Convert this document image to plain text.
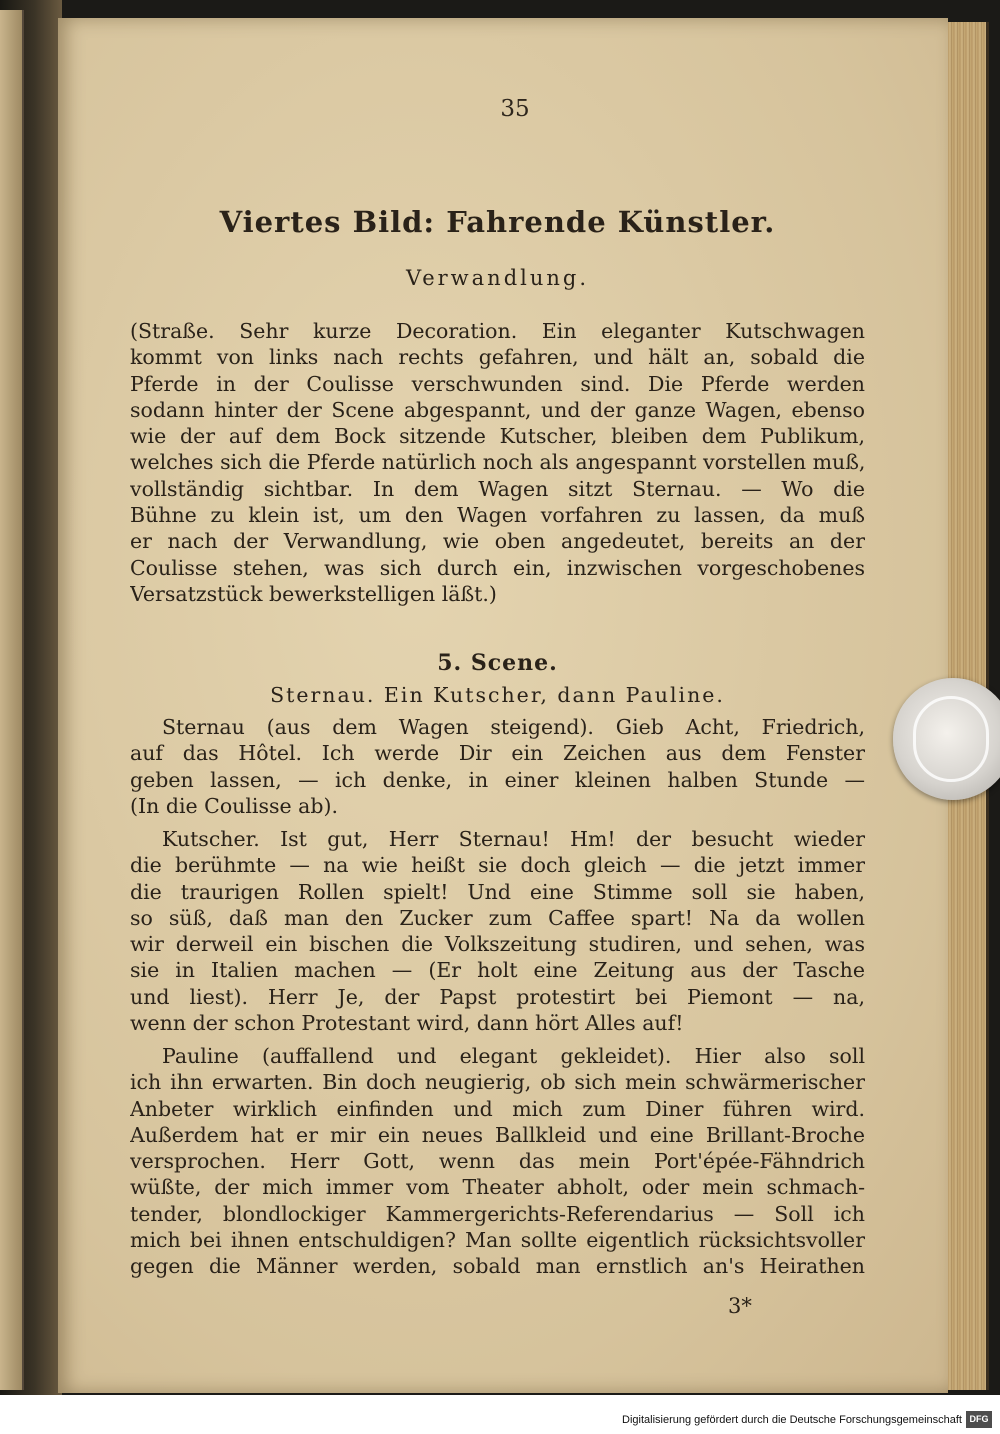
35
Viertes Bild: Fahrende Künstler.
Verwandlung.
(Straße. Sehr kurze Decoration. Ein eleganter Kutschwagen
kommt von links nach rechts gefahren, und hält an, sobald die
Pferde in der Coulisse verschwunden sind. Die Pferde werden
sodann hinter der Scene abgespannt, und der ganze Wagen, ebenso
wie der auf dem Bock sitzende Kutscher, bleiben dem Publikum,
welches sich die Pferde natürlich noch als angespannt vorstellen muß,
vollständig sichtbar. In dem Wagen sitzt Sternau. — Wo die
Bühne zu klein ist, um den Wagen vorfahren zu lassen, da muß
er nach der Verwandlung, wie oben angedeutet, bereits an der
Coulisse stehen, was sich durch ein, inzwischen vorgeschobenes
Versatzstück bewerkstelligen läßt.)
5. Scene.
Sternau. Ein Kutscher, dann Pauline.
Sternau (aus dem Wagen steigend). Gieb Acht, Friedrich,
auf das Hôtel. Ich werde Dir ein Zeichen aus dem Fenster
geben lassen, — ich denke, in einer kleinen halben Stunde —
(In die Coulisse ab).
Kutscher. Ist gut, Herr Sternau! Hm! der besucht wieder
die berühmte — na wie heißt sie doch gleich — die jetzt immer
die traurigen Rollen spielt! Und eine Stimme soll sie haben,
so süß, daß man den Zucker zum Caffee spart! Na da wollen
wir derweil ein bischen die Volkszeitung studiren, und sehen, was
sie in Italien machen — (Er holt eine Zeitung aus der Tasche
und liest). Herr Je, der Papst protestirt bei Piemont — na,
wenn der schon Protestant wird, dann hört Alles auf!
Pauline (auffallend und elegant gekleidet). Hier also soll
ich ihn erwarten. Bin doch neugierig, ob sich mein schwärmerischer
Anbeter wirklich einfinden und mich zum Diner führen wird.
Außerdem hat er mir ein neues Ballkleid und eine Brillant-Broche
versprochen. Herr Gott, wenn das mein Port'épée-Fähndrich
wüßte, der mich immer vom Theater abholt, oder mein schmach-
tender, blondlockiger Kammergerichts-Referendarius — Soll ich
mich bei ihnen entschuldigen? Man sollte eigentlich rücksichtsvoller
gegen die Männer werden, sobald man ernstlich an's Heirathen
3*
Digitalisierung gefördert durch die Deutsche Forschungsgemeinschaft DFG
